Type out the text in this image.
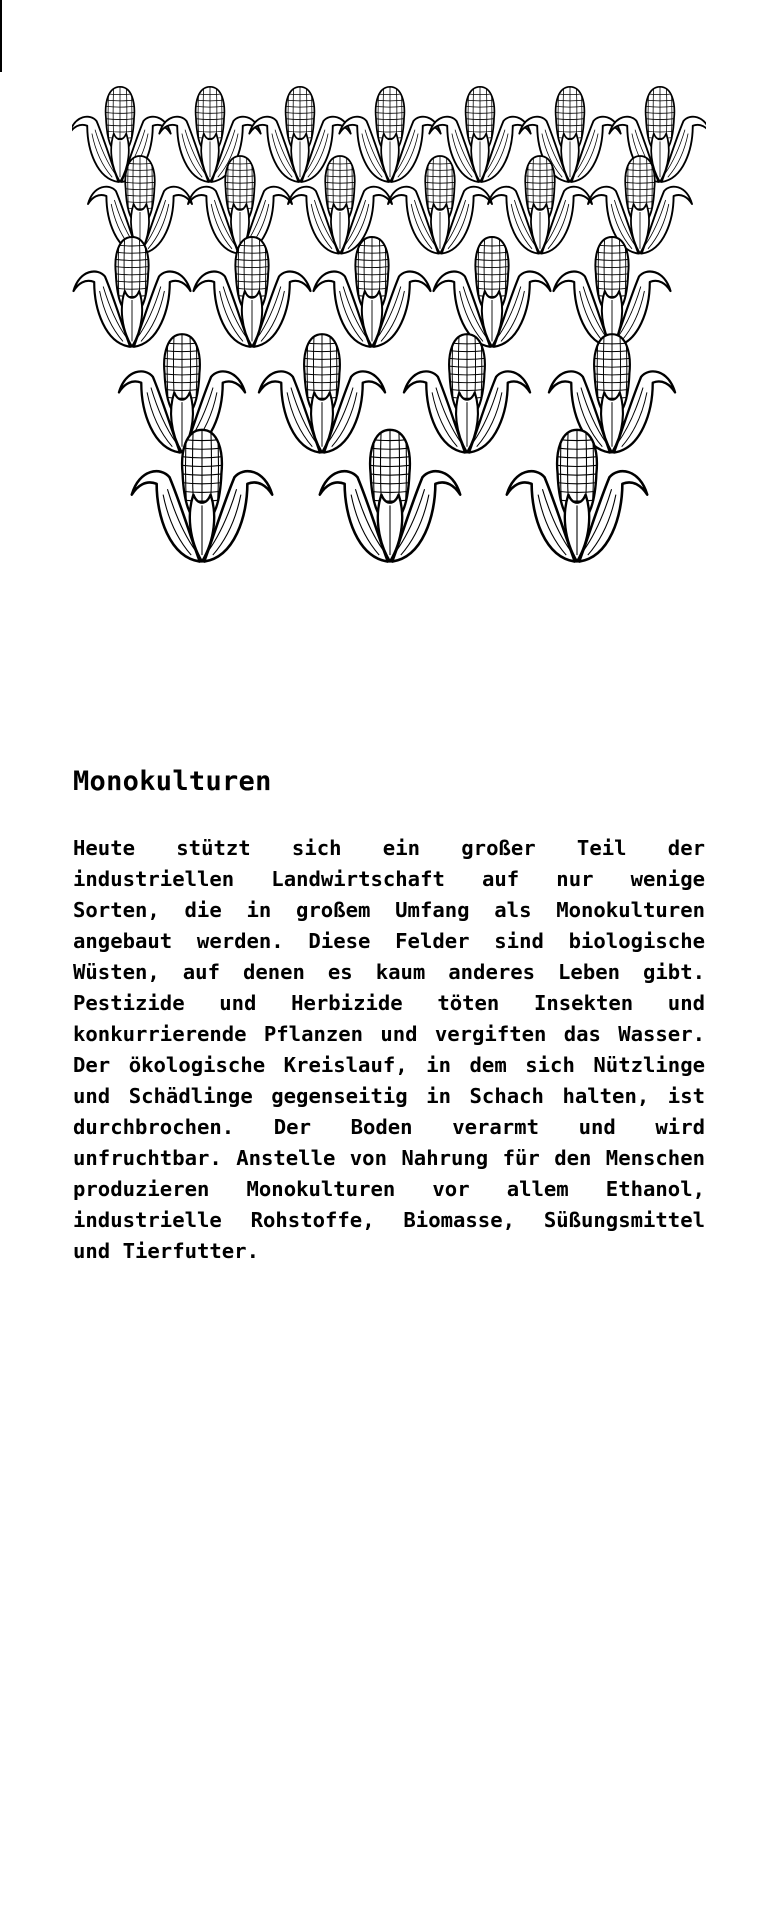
Monokulturen

Heute stützt sich ein großer Teil der industriellen Landwirtschaft auf nur wenige Sorten, die in großem Umfang als Monokulturen angebaut werden. Diese Felder sind biologische Wüsten, auf denen es kaum anderes Leben gibt. Pestizide und Herbizide töten Insekten und konkurrierende Pflanzen und vergiften das Wasser. Der ökologische Kreislauf, in dem sich Nützlinge und Schädlinge gegenseitig in Schach halten, ist durchbrochen. Der Boden verarmt und wird unfruchtbar. Anstelle von Nahrung für den Menschen produzieren Monokulturen vor allem Ethanol, industrielle Rohstoffe, Biomasse, Süßungsmittel und Tierfutter.
